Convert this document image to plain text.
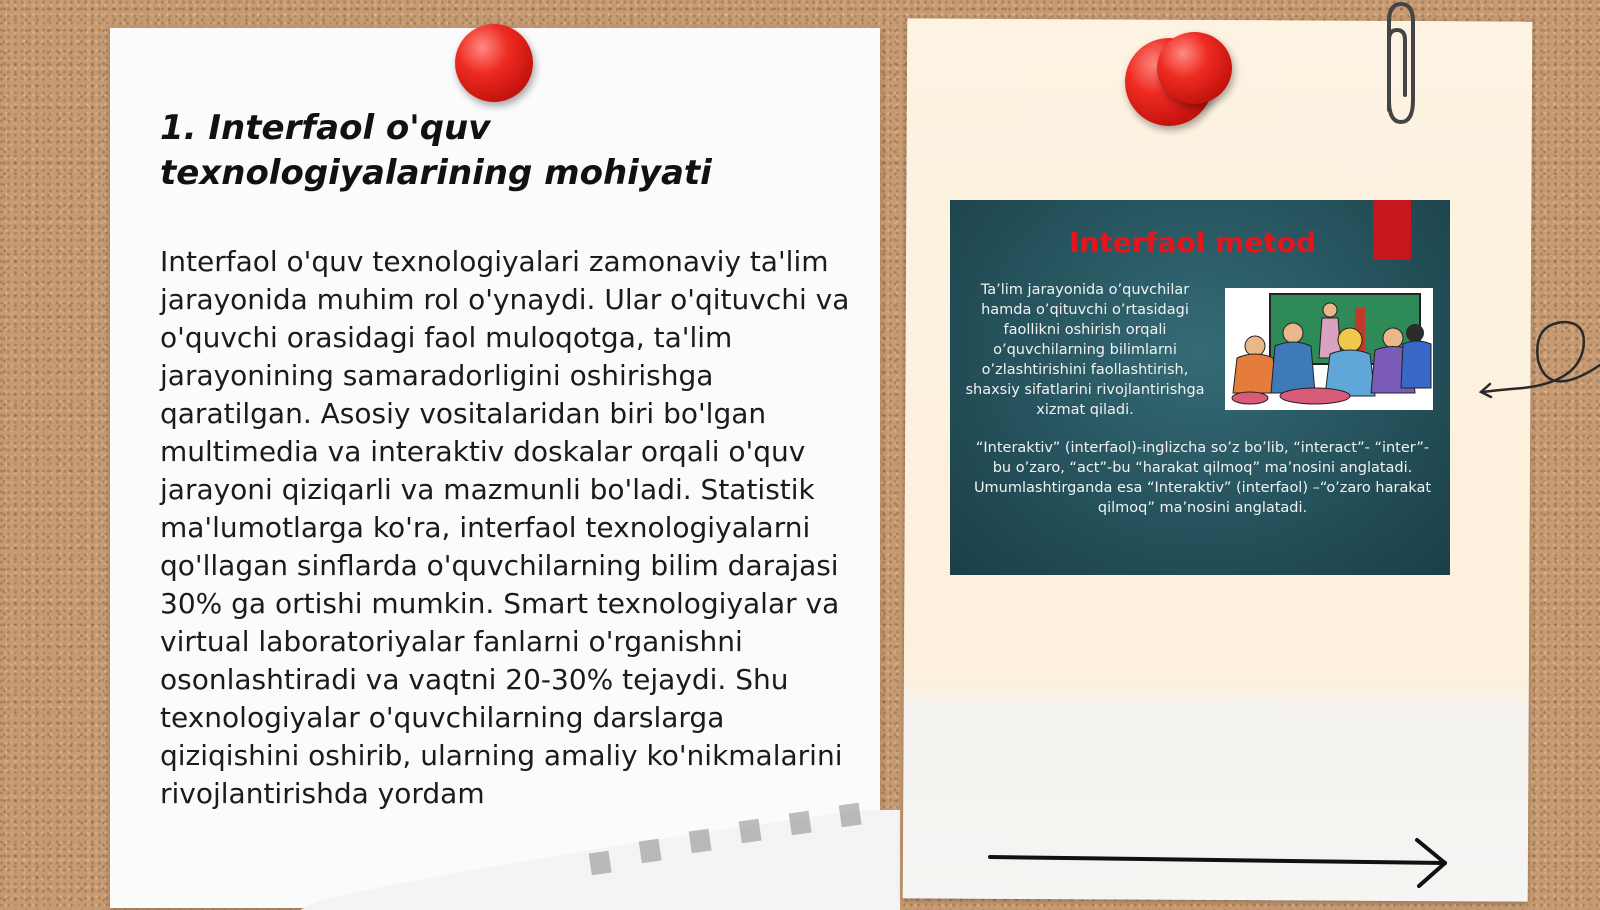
1. Interfaol o'quv texnologiyalarining mohiyati

Interfaol o'quv texnologiyalari zamonaviy ta'lim jarayonida muhim rol o'ynaydi. Ular o'qituvchi va o'quvchi orasidagi faol muloqotga, ta'lim jarayonining samaradorligini oshirishga qaratilgan. Asosiy vositalaridan biri bo'lgan multimedia va interaktiv doskalar orqali o'quv jarayoni qiziqarli va mazmunli bo'ladi. Statistik ma'lumotlarga ko'ra, interfaol texnologiyalarni qo'llagan sinflarda o'quvchilarning bilim darajasi 30% ga ortishi mumkin. Smart texnologiyalar va virtual laboratoriyalar fanlarni o'rganishni osonlashtiradi va vaqtni 20-30% tejaydi. Shu texnologiyalar o'quvchilarning darslarga qiziqishini oshirib, ularning amaliy ko'nikmalarini rivojlantirishda yordam

Interfaol metod
Ta’lim jarayonida o’quvchilar hamda o’qituvchi o’rtasidagi faollikni oshirish orqali o’quvchilarning bilimlarni o’zlashtirishini faollashtirish, shaxsiy sifatlarini rivojlantirishga xizmat qiladi.
“Interaktiv” (interfaol)-inglizcha so’z bo’lib, “interact”- “inter”-bu o’zaro, “act”-bu “harakat qilmoq” ma’nosini anglatadi. Umumlashtirganda esa “Interaktiv” (interfaol) –“o’zaro harakat qilmoq” ma’nosini anglatadi.
